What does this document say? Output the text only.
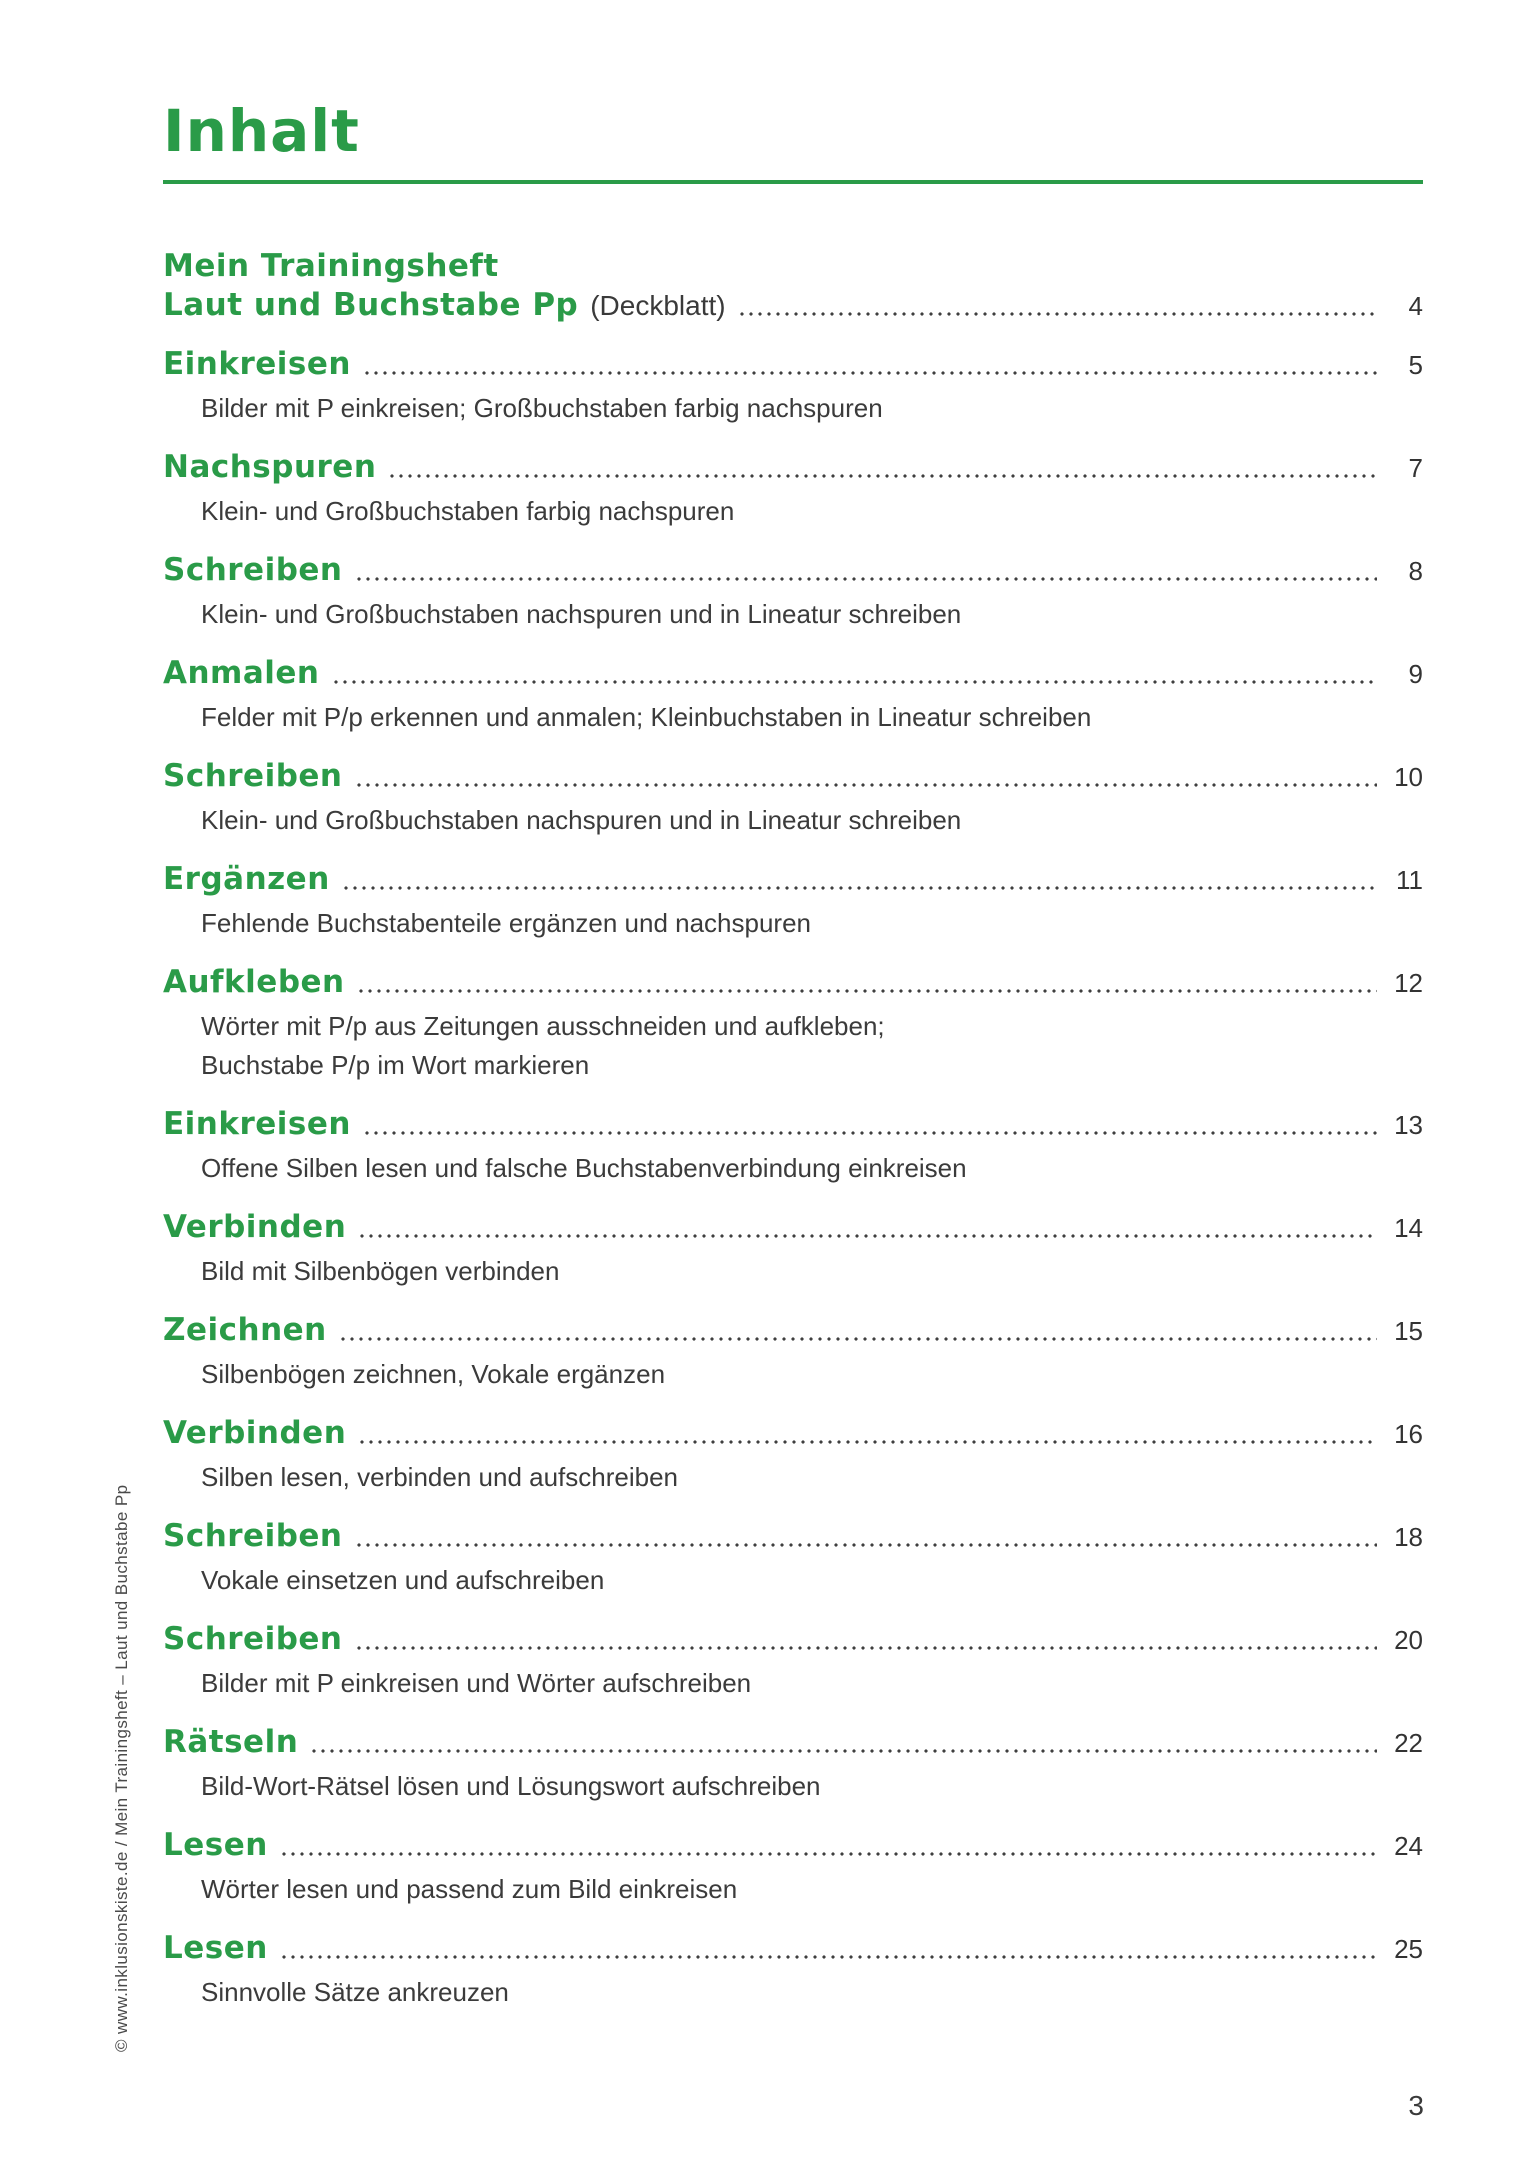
© www.inklusionskiste.de / Mein Trainingsheft – Laut und Buchstabe Pp
Inhalt
Mein Trainingsheft
Laut und Buchstabe Pp (Deckblatt)	4
Einkreisen	5
Bilder mit P einkreisen; Großbuchstaben farbig nachspuren
Nachspuren	7
Klein- und Großbuchstaben farbig nachspuren
Schreiben	8
Klein- und Großbuchstaben nachspuren und in Lineatur schreiben
Anmalen	9
Felder mit P/p erkennen und anmalen; Kleinbuchstaben in Lineatur schreiben
Schreiben	10
Klein- und Großbuchstaben nachspuren und in Lineatur schreiben
Ergänzen	11
Fehlende Buchstabenteile ergänzen und nachspuren
Aufkleben	12
Wörter mit P/p aus Zeitungen ausschneiden und aufkleben;
Buchstabe P/p im Wort markieren
Einkreisen	13
Offene Silben lesen und falsche Buchstabenverbindung einkreisen
Verbinden	14
Bild mit Silbenbögen verbinden
Zeichnen	15
Silbenbögen zeichnen, Vokale ergänzen
Verbinden	16
Silben lesen, verbinden und aufschreiben
Schreiben	18
Vokale einsetzen und aufschreiben
Schreiben	20
Bilder mit P einkreisen und Wörter aufschreiben
Rätseln	22
Bild-Wort-Rätsel lösen und Lösungswort aufschreiben
Lesen	24
Wörter lesen und passend zum Bild einkreisen
Lesen	25
Sinnvolle Sätze ankreuzen
3
